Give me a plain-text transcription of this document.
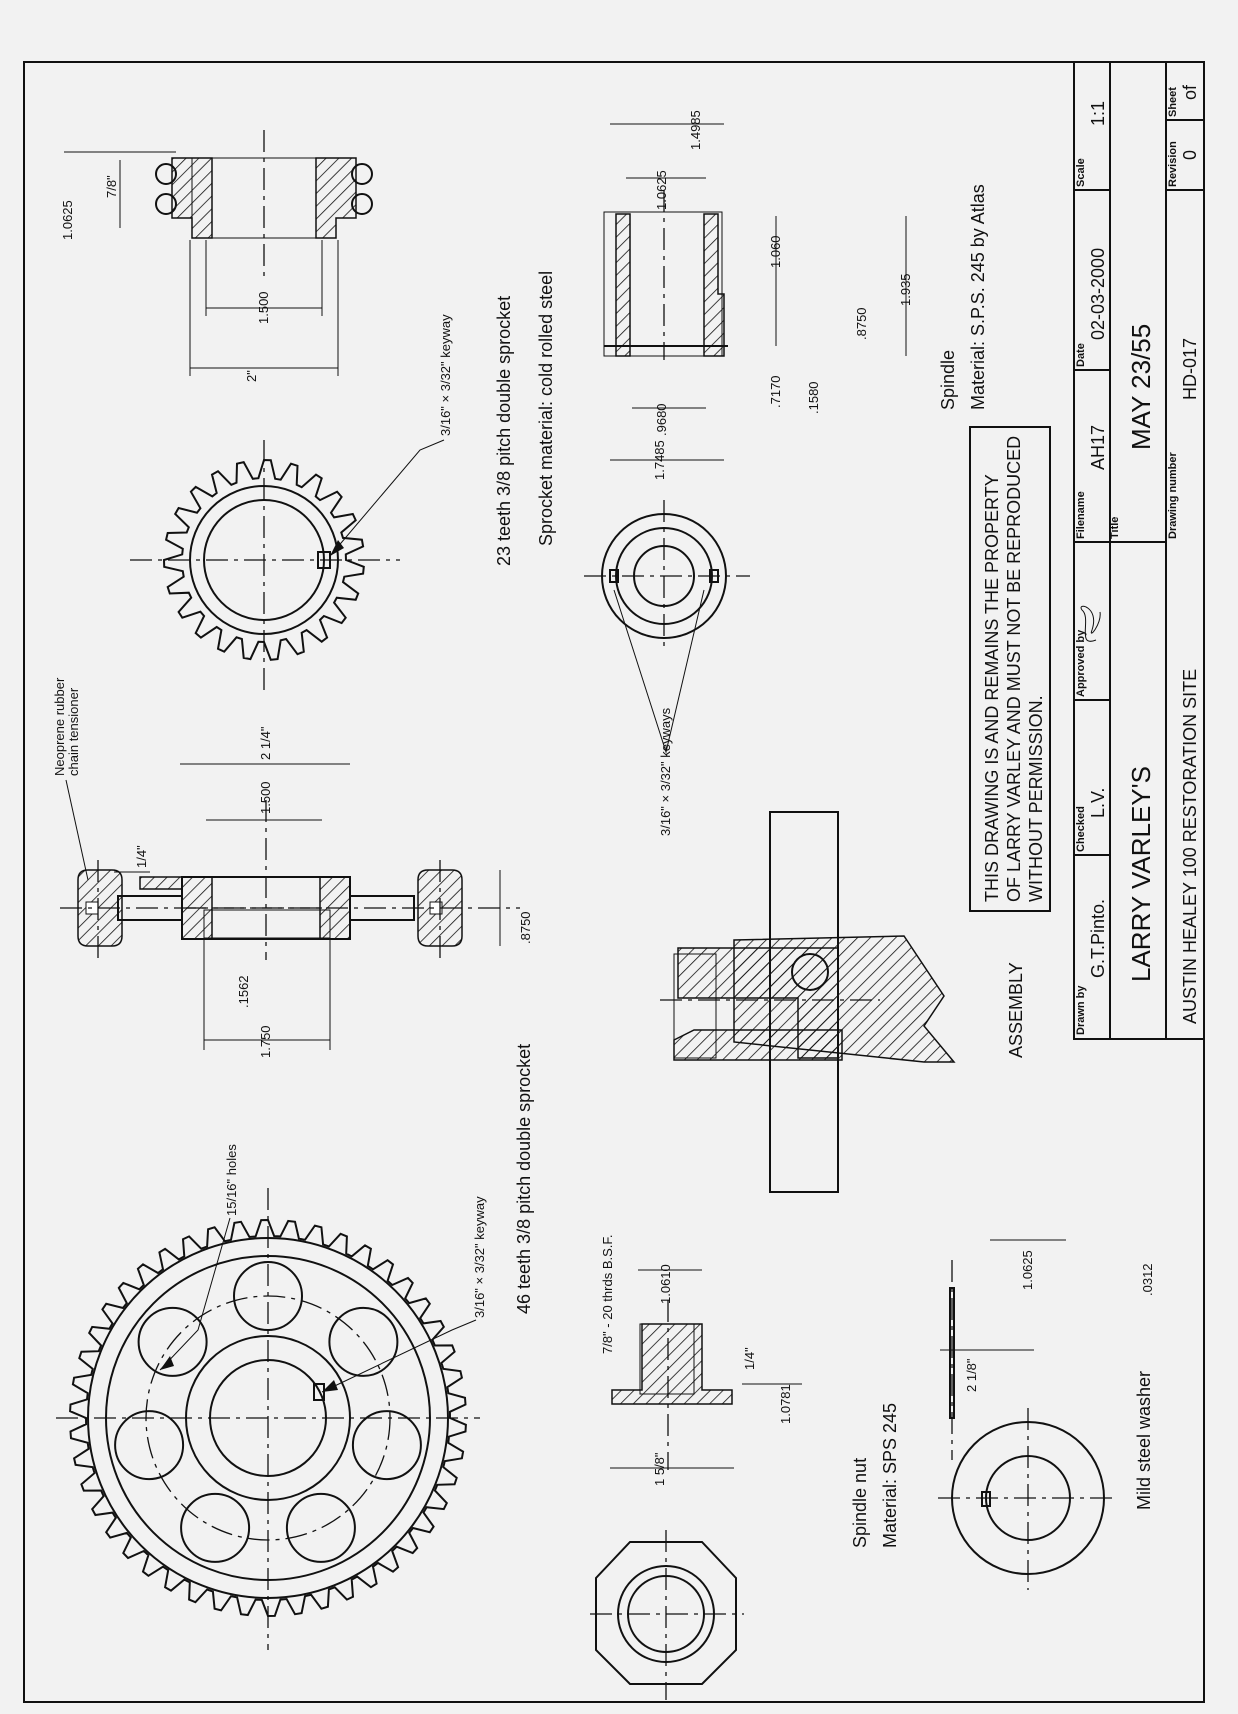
15/16" holes
3/16" × 3/32" keyway 46 teeth 3/8 pitch double sprocket
Neoprene rubber chain tensioner
1/4"
1.500
2 1/4"
.1562
1.750
.8750
3/16" × 3/32" keyway 23 teeth 3/8 pitch double sprocket Sprocket material: cold rolled steel
1.0625
7/8"
1.500
2"
1.4985
1.0625
1.060
1.935
1.7485
.9680
.7170 .1580
.8750
3/16" × 3/32" keyways
Spindle Material: S.P.S. 245 by Atlas
ASSEMBLY
7/8" - 20 thrds B.S.F.	1.0610
1/4"
1.0781
1 5/8"	Spindle nut Material: SPS 245
1.0625	.0312
2 1/8"	Mild steel washer
THIS DRAWING IS AND REMAINS THE PROPERTY OF LARRY VARLEY AND MUST NOT BE REPRODUCED WITHOUT PERMISSION.
Drawn by
G.T.Pinto.
Checked
L.V.
Approved by
Filename
AH17
Date
02-03-2000
Scale
1:1
Title
MAY 23/55
Drawing number
HD-017
Revision 0
Sheet of
LARRY VARLEY'S AUSTIN HEALEY 100 RESTORATION SITE
